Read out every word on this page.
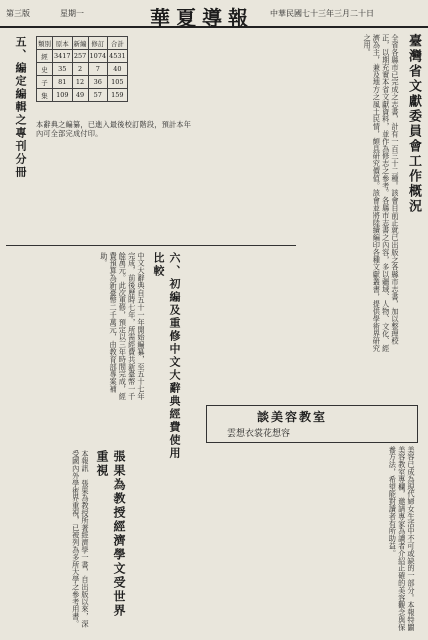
第三版	星期一	華夏導報 中華民國七十三年三月二十日
臺灣省文獻委員會工作概況
全省各縣市已完成之志書，計有一百三十二種。該會目前正就已出版之各縣市志書，加以整理校正，以期充實本省文獻資料，並作為修志之參考。各縣市志書之內容，多以疆域、人物、文化、經濟為主，兼及地方之風土民情，頗具研究價值。該會並將陸續編印各種文獻叢書，提供學術界研究之用。
五、編定編輯之專刊分冊 類別	原本	新編	修訂	合計
經	3417	257	1074	4531
史	35	2	7	40
子	81	12	36	105
集	109	49	57	159
本辭典之編纂，已進入最後校訂階段，預計本年內可全部完成付印。
六、初編及重修中文大辭典經費使用比較
中文大辭典自五十一年開始編纂，至五十七年完成，前後歷時七年，所需經費共新臺幣一千餘萬元。此次重修，預定以三年時間完成，經費預算為新臺幣二千萬元，由教育部專案補助。
談美容教室
雲想衣裳花想容
美容已成為現代婦女生活中不可或缺的一部分。本報特闢美容教室專欄，邀請專家為讀者介紹正確的美容觀念與保養方法，希望能對讀者有所助益。
張果為教授經濟學文受世界重視
本報訊　張果為教授所著經濟學一書，自出版以來，深受國內外學術界重視，已被列為多所大學之參考用書。
